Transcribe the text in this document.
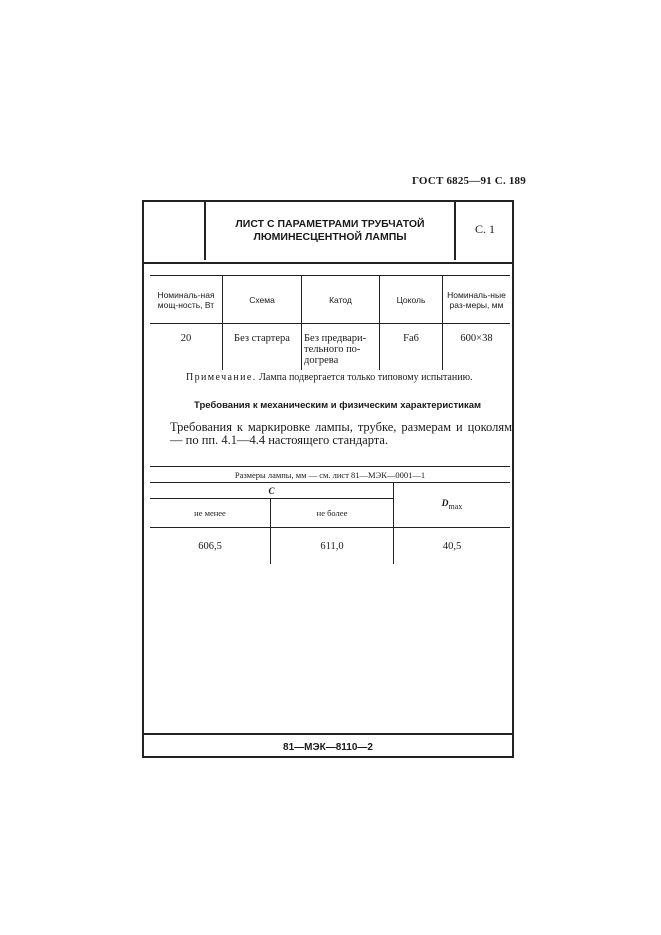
ГОСТ 6825—91 С. 189
ЛИСТ С ПАРАМЕТРАМИ ТРУБЧАТОЙ
ЛЮМИНЕСЦЕНТНОЙ ЛАМПЫ
С. 1
Номиналь-ная мощ-ность, Вт	Схема	Катод	Цоколь	Номиналь-ные раз-меры, мм
20	Без стартера	Без предвари-тельного по-догрева	Fa6	600×38
Примечание. Лампа подвергается только типовому испытанию.
Требования к механическим и физическим характеристикам
Требования к маркировке лампы, трубке, размерам и цоколям — по пп. 4.1—4.4 настоящего стандарта.
Размеры лампы, мм — см. лист 81—МЭК—0001—1		
C		$D_{max}$
не менее	не более	
606,5	611,0	40,5
81—МЭК—8110—2
